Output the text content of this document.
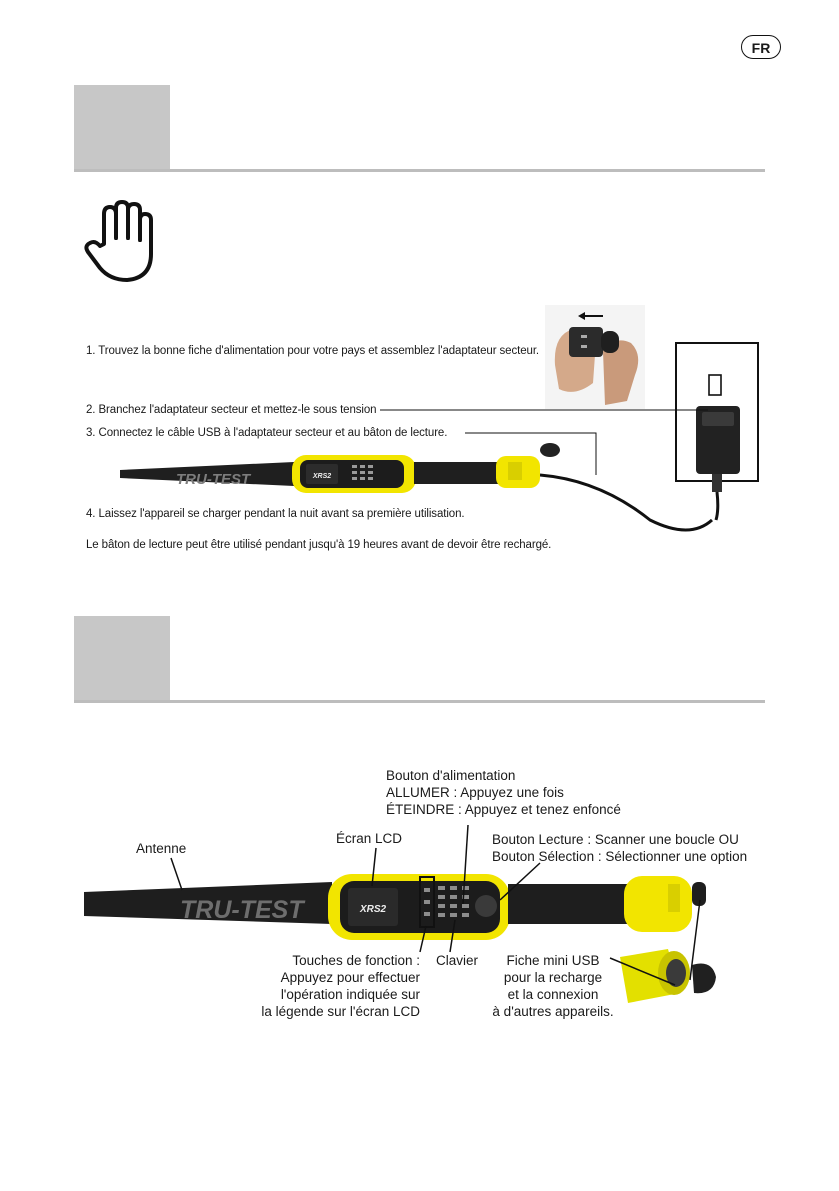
FR
1. Trouvez la bonne fiche d'alimentation pour votre pays et assemblez l'adaptateur secteur.
2. Branchez l'adaptateur secteur et mettez-le sous tension
3. Connectez le câble USB à l'adaptateur secteur et au bâton de lecture.
4. Laissez l'appareil se charger pendant la nuit avant sa première utilisation.
Le bâton de lecture peut être utilisé pendant jusqu'à 19 heures avant de devoir être rechargé.
XRS2
TRU-TEST
XRS2
TRU-TEST
Antenne
Écran LCD
Bouton d'alimentation
ALLUMER : Appuyez une fois
ÉTEINDRE : Appuyez et tenez enfoncé
Bouton Lecture : Scanner une boucle OU
Bouton Sélection : Sélectionner une option
Touches de fonction :
Appuyez pour effectuer
l'opération indiquée sur
la légende sur l'écran LCD
Clavier	Fiche mini USB
pour la recharge
et la connexion
à d'autres appareils.
